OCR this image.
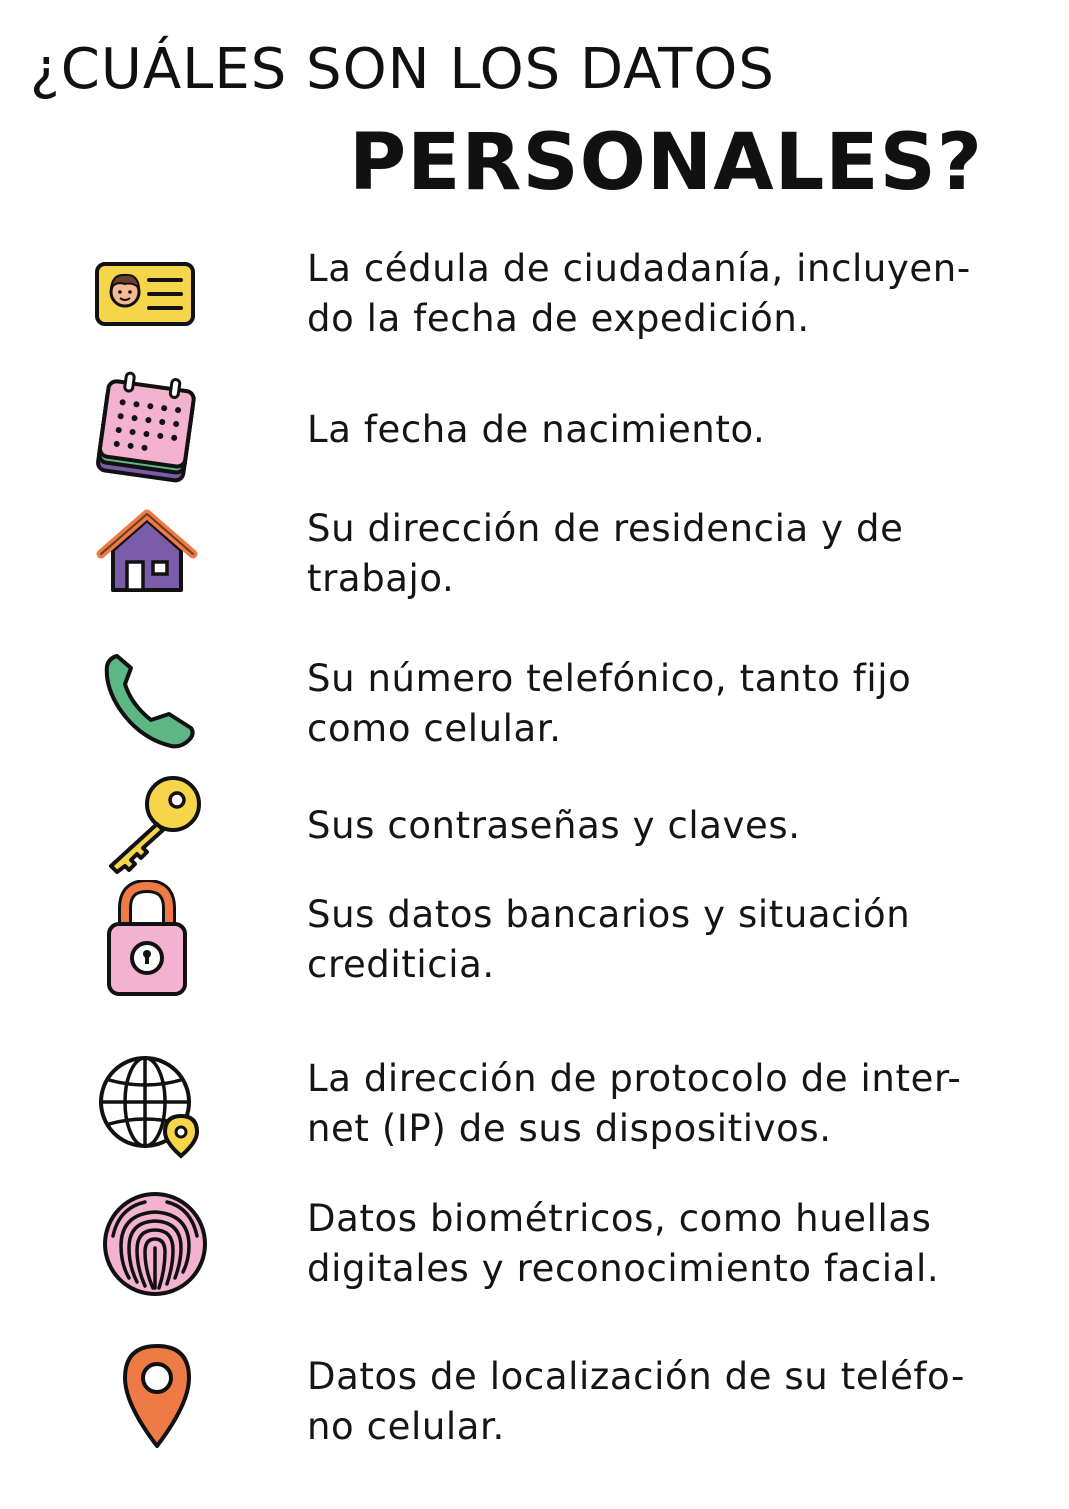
¿CUÁLES SON LOS DATOS
PERSONALES?
La cédula de ciudadanía, incluyen- do la fecha de expedición.
La fecha de nacimiento.
Su dirección de residencia y de trabajo.
Su número telefónico, tanto fijo como celular.
Sus contraseñas y claves.
Sus datos bancarios y situación crediticia.
La dirección de protocolo de inter- net (IP) de sus dispositivos.
Datos biométricos, como huellas digitales y reconocimiento facial.
Datos de localización de su teléfo- no celular.
